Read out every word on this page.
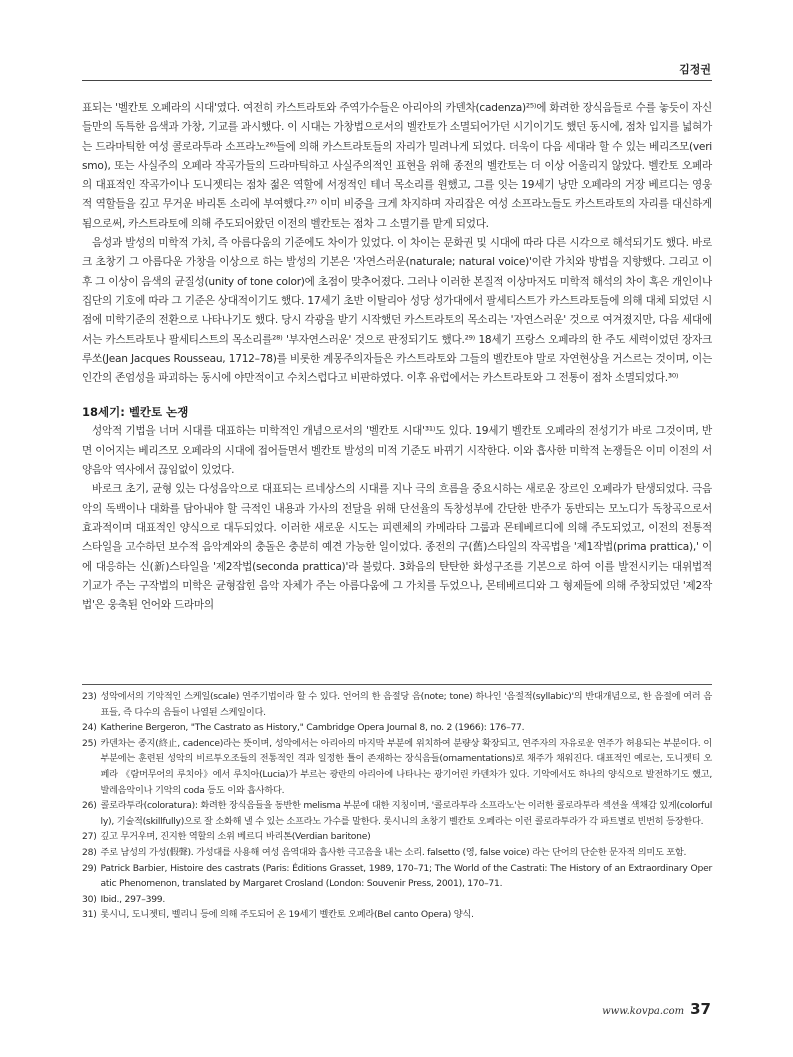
김정권

표되는 '벨칸토 오페라의 시대'였다. 여전히 카스트라토와 주역가수들은 아리아의 카덴차(cadenza)²⁵⁾에 화려한 장식음들로 수를 놓듯이 자신들만의 독특한 음색과 가창, 기교를 과시했다. 이 시대는 가창법으로서의 벨칸토가 소멸되어가던 시기이기도 했던 동시에, 점차 입지를 넓혀가는 드라마틱한 여성 콜로라투라 소프라노²⁶⁾들에 의해 카스트라토들의 자리가 밀려나게 되었다. 더욱이 다음 세대라 할 수 있는 베리즈모(verismo), 또는 사실주의 오페라 작곡가들의 드라마틱하고 사실주의적인 표현을 위해 종전의 벨칸토는 더 이상 어울리지 않았다. 벨칸토 오페라의 대표적인 작곡가이나 도니젯티는 점차 젊은 역할에 서정적인 테너 목소리를 원했고, 그를 잇는 19세기 낭만 오페라의 거장 베르디는 영웅적 역할들을 깊고 무거운 바리톤 소리에 부여했다.²⁷⁾ 이미 비중을 크게 차지하며 자리잡은 여성 소프라노들도 카스트라토의 자리를 대신하게 됨으로써, 카스트라토에 의해 주도되어왔던 이전의 벨칸토는 점차 그 소멸기를 맡게 되었다.

음성과 발성의 미학적 가치, 즉 아름다움의 기준에도 차이가 있었다. 이 차이는 문화권 및 시대에 따라 다른 시각으로 해석되기도 했다. 바로크 초창기 그 아름다운 가창을 이상으로 하는 발성의 기본은 '자연스러운(naturale; natural voice)'이란 가치와 방법을 지향했다. 그리고 이후 그 이상이 음색의 균질성(unity of tone color)에 초점이 맞추어졌다. 그러나 이러한 본질적 이상마저도 미학적 해석의 차이 혹은 개인이나 집단의 기호에 따라 그 기준은 상대적이기도 했다. 17세기 초반 이탈리아 성당 성가대에서 팔세티스트가 카스트라토들에 의해 대체 되었던 시점에 미학기준의 전환으로 나타나기도 했다. 당시 각광을 받기 시작했던 카스트라토의 목소리는 '자연스러운' 것으로 여겨졌지만, 다음 세대에서는 카스트라토나 팔세티스트의 목소리를²⁸⁾ '부자연스러운' 것으로 판정되기도 했다.²⁹⁾ 18세기 프랑스 오페라의 한 주도 세력이었던 장자크 루쏘(Jean Jacques Rousseau, 1712–78)를 비롯한 계몽주의자들은 카스트라토와 그들의 벨칸토야 말로 자연현상을 거스르는 것이며, 이는 인간의 존엄성을 파괴하는 동시에 야만적이고 수치스럽다고 비판하였다. 이후 유럽에서는 카스트라토와 그 전통이 점차 소멸되었다.³⁰⁾

18세기: 벨칸토 논쟁

성악적 기법을 너머 시대를 대표하는 미학적인 개념으로서의 '벨칸토 시대'³¹⁾도 있다. 19세기 벨칸토 오페라의 전성기가 바로 그것이며, 반면 이어지는 베리즈모 오페라의 시대에 접어들면서 벨칸토 발성의 미적 기준도 바뀌기 시작한다. 이와 흡사한 미학적 논쟁들은 이미 이전의 서양음악 역사에서 끊임없이 있었다.

바로크 초기, 균형 있는 다성음악으로 대표되는 르네상스의 시대를 지나 극의 흐름을 중요시하는 새로운 장르인 오페라가 탄생되었다. 극음악의 독백이나 대화를 담아내야 할 극적인 내용과 가사의 전달을 위해 단선율의 독창성부에 간단한 반주가 동반되는 모노디가 독창곡으로서 효과적이며 대표적인 양식으로 대두되었다. 이러한 새로운 시도는 피렌체의 카메라타 그룹과 몬테베르디에 의해 주도되었고, 이전의 전통적 스타일을 고수하던 보수적 음악계와의 충돌은 충분히 예견 가능한 일이었다. 종전의 구(舊)스타일의 작곡법을 '제1작법(prima prattica),' 이에 대응하는 신(新)스타일을 '제2작법(seconda prattica)'라 불렀다. 3화음의 탄탄한 화성구조를 기본으로 하여 이를 발전시키는 대위법적 기교가 주는 구작법의 미학은 균형잡힌 음악 자체가 주는 아름다움에 그 가치를 두었으나, 몬테베르디와 그 형제들에 의해 주창되었던 '제2작법'은 웅축된 언어와 드라마의

23) 성악에서의 기악적인 스케일(scale) 연주기법이라 할 수 있다. 언어의 한 음절당 음(note; tone) 하나인 '음절적(syllabic)'의 반대개념으로, 한 음절에 여러 음표들, 즉 다수의 음들이 나열된 스케일이다.
24) Katherine Bergeron, "The Castrato as History," Cambridge Opera Journal 8, no. 2 (1966): 176–77.
25) 카덴차는 종지(終止, cadence)라는 뜻이며, 성악에서는 아리아의 마지막 부분에 위치하여 분량상 확장되고, 연주자의 자유로운 연주가 허용되는 부분이다. 이 부분에는 훈련된 성악의 비르투오조들의 전통적인 격과 일정한 틀이 존재하는 장식음들(ornamentations)로 채주가 채워진다. 대표적인 예로는, 도니젯티 오페라 《람머무어의 루치아》에서 루치아(Lucia)가 부르는 광란의 아리아에 나타나는 광기어린 카덴차가 있다. 기악에서도 하나의 양식으로 발전하기도 했고, 발레음악이나 기악의 coda 등도 이와 흡사하다.
26) 콜로라투라(coloratura): 화려한 장식음들을 동반한 melisma 부분에 대한 지칭이며, '콜로라투라 소프라노'는 이러한 콜로라투라 섹션을 색채감 있게(colorfully), 기술적(skillfully)으로 잘 소화해 낼 수 있는 소프라노 가수를 말한다. 롯시니의 초창기 벨칸토 오페라는 이런 콜로라투라가 각 파트별로 빈번히 등장한다.
27) 깊고 무거우며, 진지한 역할의 소위 베르디 바리톤(Verdian baritone)
28) 주로 남성의 가성(假聲). 가성대를 사용해 여성 음역대와 흡사한 극고음을 내는 소리. falsetto (영, false voice) 라는 단어의 단순한 문자적 의미도 포함.
29) Patrick Barbier, Histoire des castrats (Paris: Éditions Grasset, 1989, 170–71; The World of the Castrati: The History of an Extraordinary Operatic Phenomenon, translated by Margaret Crosland (London: Souvenir Press, 2001), 170–71.
30) Ibid., 297–399.
31) 롯시니, 도니젯티, 벨리니 등에 의해 주도되어 온 19세기 벨칸토 오페라(Bel canto Opera) 양식.
www.kovpa.com 37
